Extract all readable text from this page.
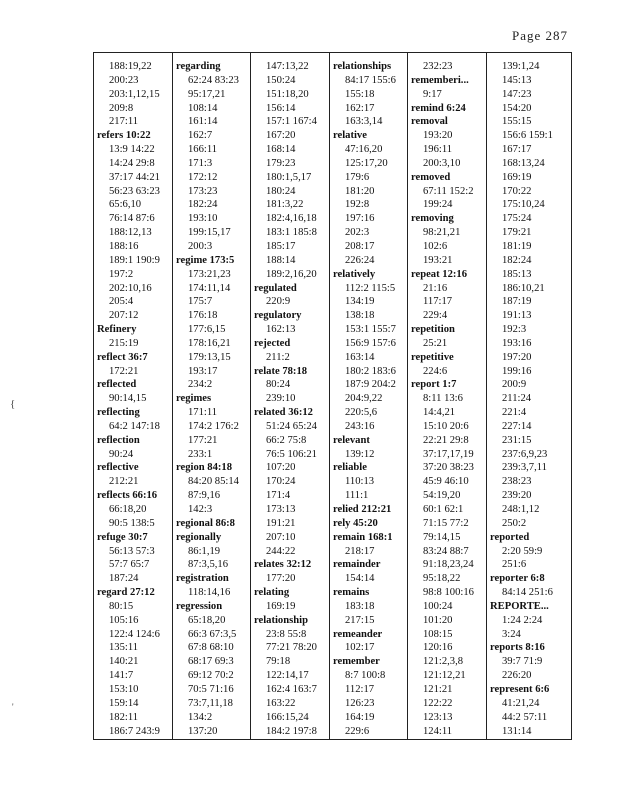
Page 287
188:19,22
200:23
203:1,12,15
209:8
217:11
refers 10:22
13:9 14:22
14:24 29:8
37:17 44:21
56:23 63:23
65:6,10
76:14 87:6
188:12,13
188:16
189:1 190:9
197:2
202:10,16
205:4
207:12
Refinery
215:19
reflect 36:7
172:21
reflected
90:14,15
reflecting
64:2 147:18
reflection
90:24
reflective
212:21
reflects 66:16
66:18,20
90:5 138:5
refuge 30:7
56:13 57:3
57:7 65:7
187:24
regard 27:12
80:15
105:16
122:4 124:6
135:11
140:21
141:7
153:10
159:14
182:11
186:7 243:9
regarding
62:24 83:23
95:17,21
108:14
161:14
162:7
166:11
171:3
172:12
173:23
182:24
193:10
199:15,17
200:3
regime 173:5
173:21,23
174:11,14
175:7
176:18
177:6,15
178:16,21
179:13,15
193:17
234:2
regimes
171:11
174:2 176:2
177:21
233:1
region 84:18
84:20 85:14
87:9,16
142:3
regional 86:8
regionally
86:1,19
87:3,5,16
registration
118:14,16
regression
65:18,20
66:3 67:3,5
67:8 68:10
68:17 69:3
69:12 70:2
70:5 71:16
73:7,11,18
134:2
137:20
147:13,22
150:24
151:18,20
156:14
157:1 167:4
167:20
168:14
179:23
180:1,5,17
180:24
181:3,22
182:4,16,18
183:1 185:8
185:17
188:14
189:2,16,20
regulated
220:9
regulatory
162:13
rejected
211:2
relate 78:18
80:24
239:10
related 36:12
51:24 65:24
66:2 75:8
76:5 106:21
107:20
170:24
171:4
173:13
191:21
207:10
244:22
relates 32:12
177:20
relating
169:19
relationship
23:8 55:8
77:21 78:20
79:18
122:14,17
162:4 163:7
163:22
166:15,24
184:2 197:8
relationships
84:17 155:6
155:18
162:17
163:3,14
relative
47:16,20
125:17,20
179:6
181:20
192:8
197:16
202:3
208:17
226:24
relatively
112:2 115:5
134:19
138:18
153:1 155:7
156:9 157:6
163:14
180:2 183:6
187:9 204:2
204:9,22
220:5,6
243:16
relevant
139:12
reliable
110:13
111:1
relied 212:21
rely 45:20
remain 168:1
218:17
remainder
154:14
remains
183:18
217:15
remeander
102:17
remember
8:7 100:8
112:17
126:23
164:19
229:6
232:23
rememberi...
9:17
remind 6:24
removal
193:20
196:11
200:3,10
removed
67:11 152:2
199:24
removing
98:21,21
102:6
193:21
repeat 12:16
21:16
117:17
229:4
repetition
25:21
repetitive
224:6
report 1:7
8:11 13:6
14:4,21
15:10 20:6
22:21 29:8
37:17,17,19
37:20 38:23
45:9 46:10
54:19,20
60:1 62:1
71:15 77:2
79:14,15
83:24 88:7
91:18,23,24
95:18,22
98:8 100:16
100:24
101:20
108:15
120:16
121:2,3,8
121:12,21
121:21
122:22
123:13
124:11
139:1,24
145:13
147:23
154:20
155:15
156:6 159:1
167:17
168:13,24
169:19
170:22
175:10,24
175:24
179:21
181:19
182:24
185:13
186:10,21
187:19
191:13
192:3
193:16
197:20
199:16
200:9
211:24
221:4
227:14
231:15
237:6,9,23
239:3,7,11
238:23
239:20
248:1,12
250:2
reported
2:20 59:9
251:6
reporter 6:8
84:14 251:6
REPORTE...
1:24 2:24
3:24
reports 8:16
39:7 71:9
226:20
represent 6:6
41:21,24
44:2 57:11
131:14
{
'
